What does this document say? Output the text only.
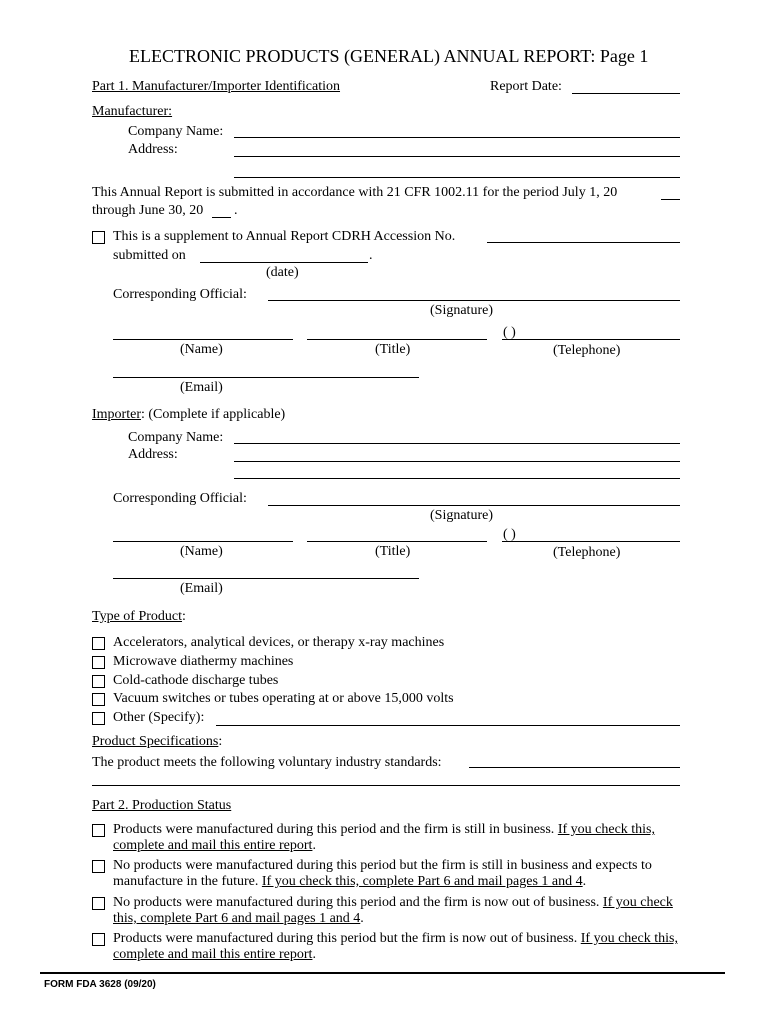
ELECTRONIC PRODUCTS (GENERAL) ANNUAL REPORT: Page 1
Part 1. Manufacturer/Importer Identification	Report Date:
Manufacturer:
Company Name:
Address:
This Annual Report is submitted in accordance with 21 CFR 1002.11 for the period July 1, 20
through June 30, 20 .
This is a supplement to Annual Report CDRH Accession No.
submitted on	.
(date)
Corresponding Official:
(Signature)
( )
(Name)	(Title)	(Telephone)
(Email)
Importer: (Complete if applicable)
Company Name:
Address:
Corresponding Official:
(Signature)
( )
(Name)	(Title)	(Telephone)
(Email)
Type of Product:
Accelerators, analytical devices, or therapy x-ray machines
Microwave diathermy machines
Cold-cathode discharge tubes
Vacuum switches or tubes operating at or above 15,000 volts
Other (Specify):
Product Specifications:
The product meets the following voluntary industry standards:
Part 2. Production Status
Products were manufactured during this period and the firm is still in business. If you check this, complete and mail this entire report.
No products were manufactured during this period but the firm is still in business and expects to manufacture in the future. If you check this, complete Part 6 and mail pages 1 and 4.
No products were manufactured during this period and the firm is now out of business. If you check this, complete Part 6 and mail pages 1 and 4.
Products were manufactured during this period but the firm is now out of business. If you check this, complete and mail this entire report.
FORM FDA 3628 (09/20)
